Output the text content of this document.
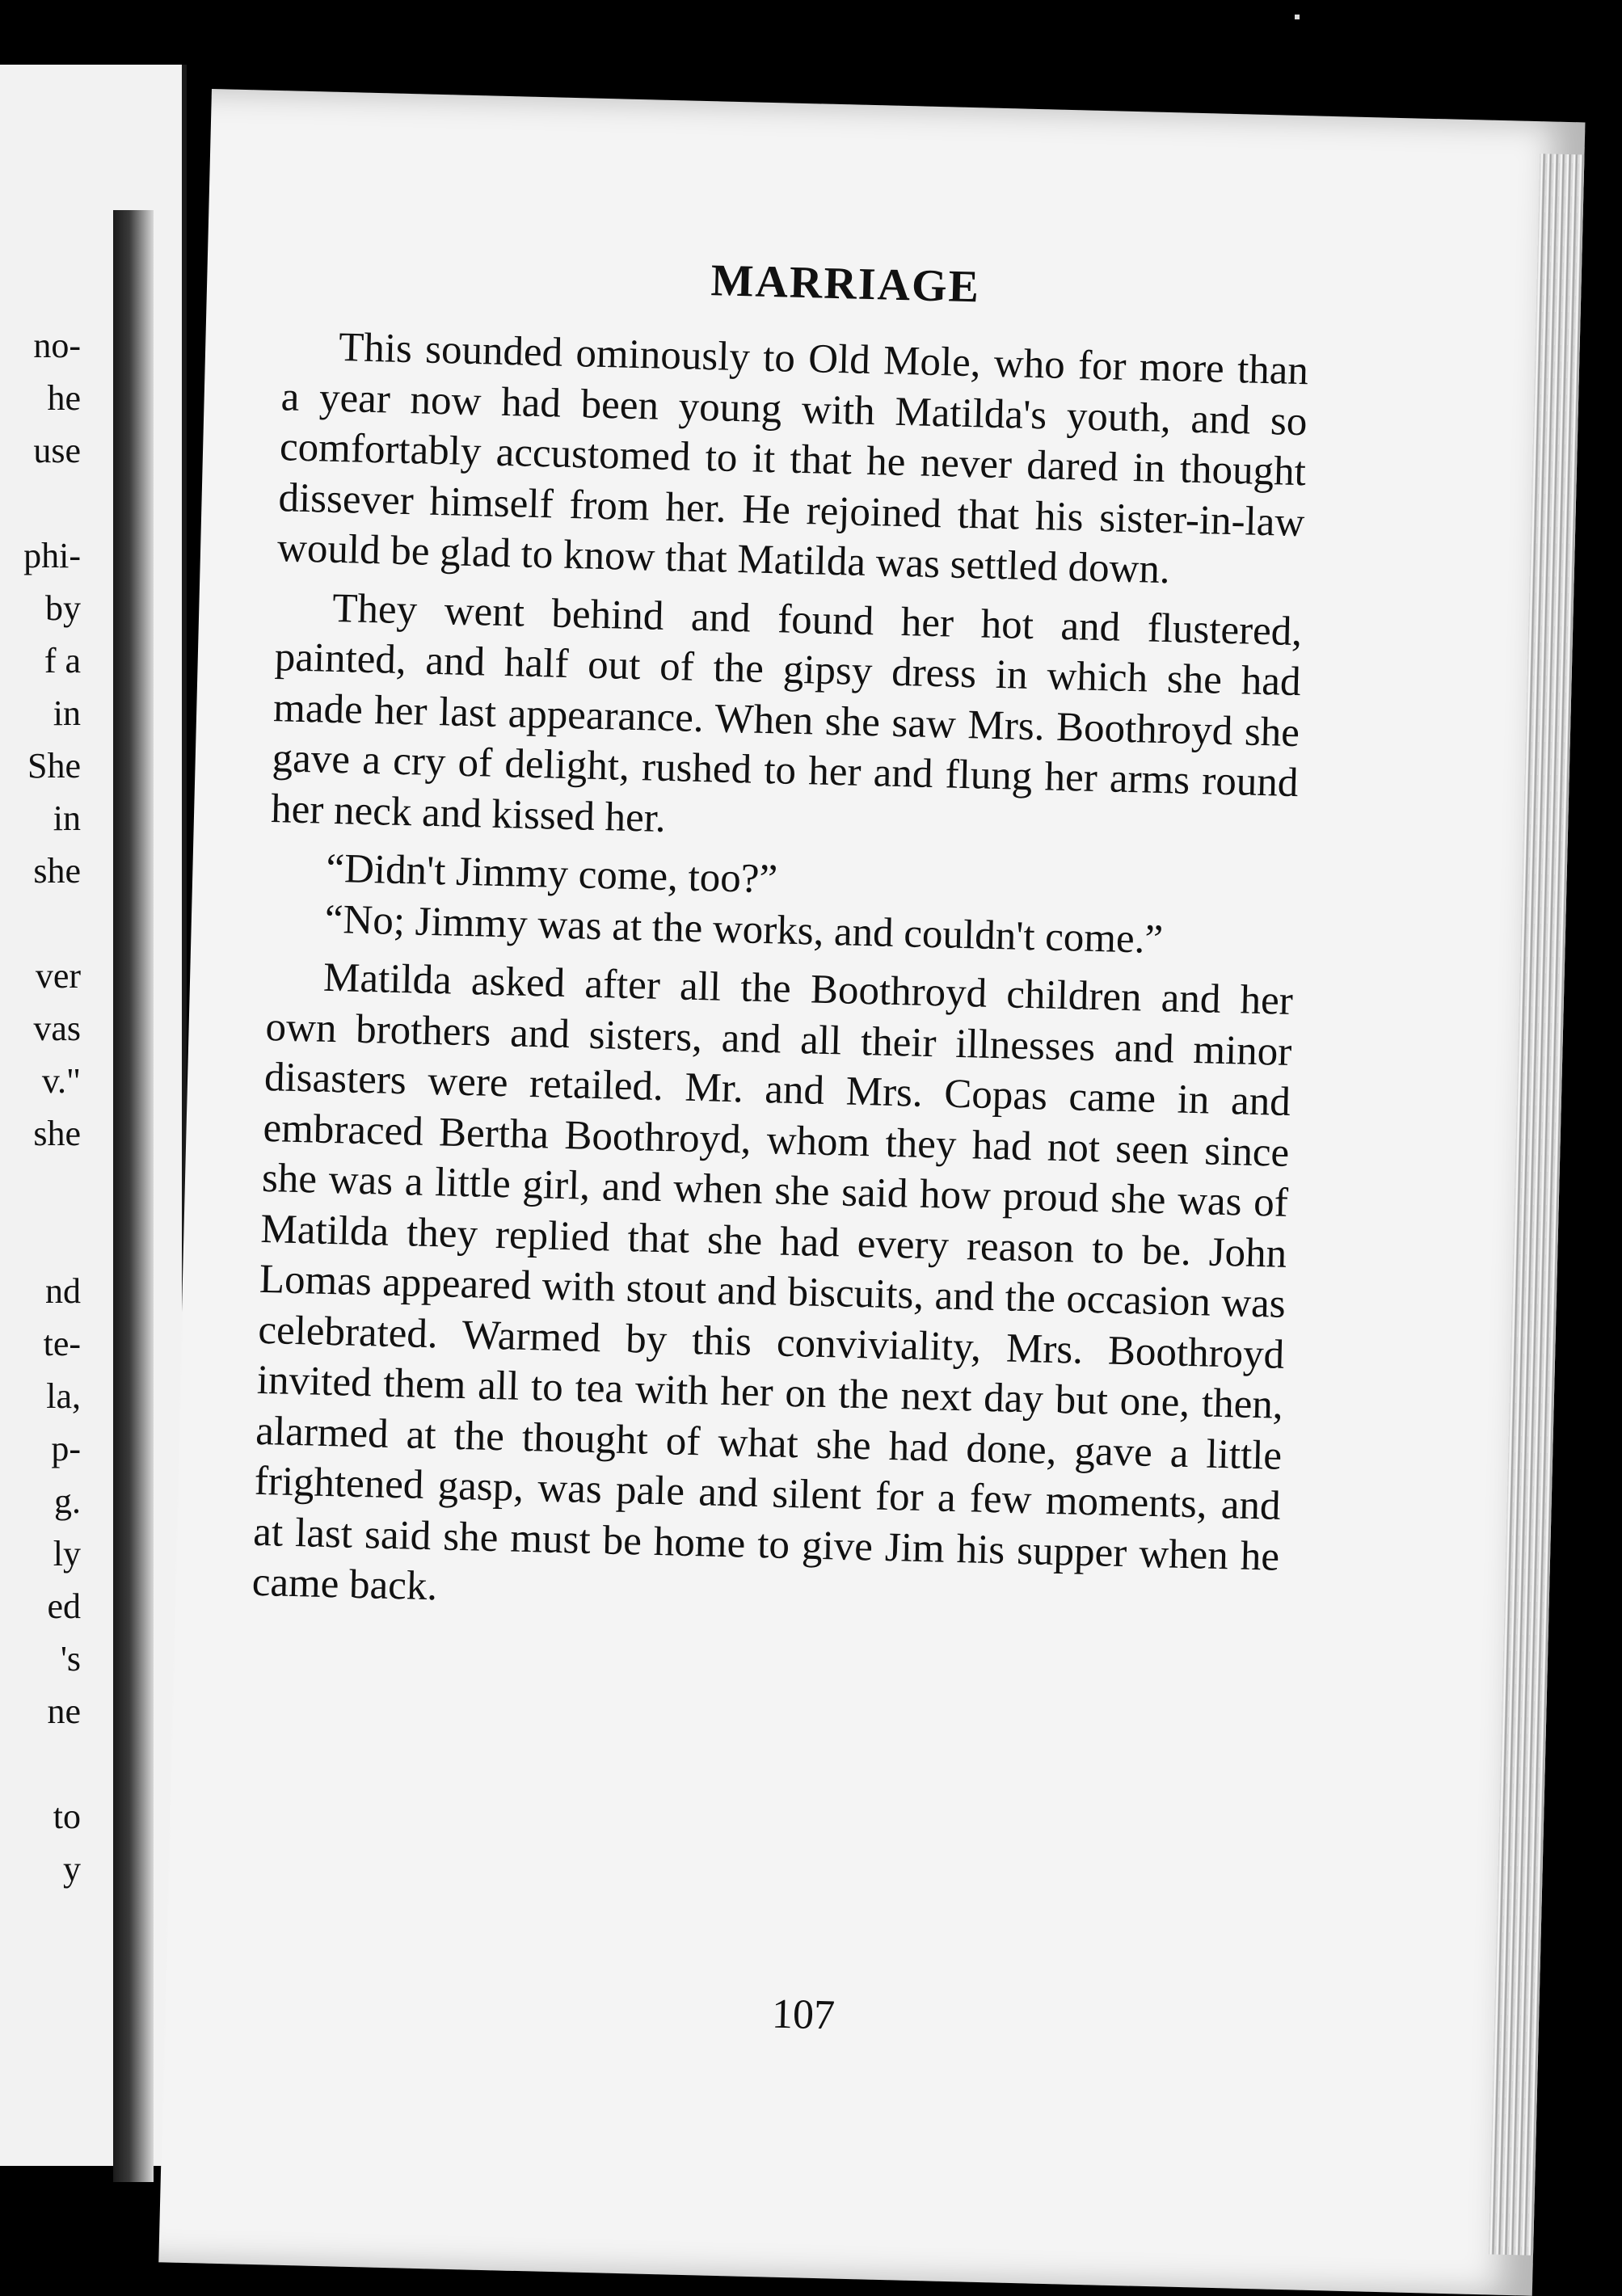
no-
he
use
phi-
by
f a
in
She
in
she
ver
vas
v."
she
nd
te-
la,
p-
g.
ly
ed
's
ne
to
y
MARRIAGE

This sounded ominously to Old Mole, who for more than a year now had been young with Matilda's youth, and so comfortably accustomed to it that he never dared in thought dissever himself from her. He rejoined that his sister-in-law would be glad to know that Matilda was settled down.

They went behind and found her hot and flustered, painted, and half out of the gipsy dress in which she had made her last appearance. When she saw Mrs. Boothroyd she gave a cry of delight, rushed to her and flung her arms round her neck and kissed her.

“Didn't Jimmy come, too?”

“No; Jimmy was at the works, and couldn't come.”

Matilda asked after all the Boothroyd children and her own brothers and sisters, and all their illnesses and minor disasters were retailed. Mr. and Mrs. Copas came in and embraced Bertha Boothroyd, whom they had not seen since she was a little girl, and when she said how proud she was of Matilda they replied that she had every reason to be. John Lomas appeared with stout and biscuits, and the occasion was celebrated. Warmed by this conviviality, Mrs. Boothroyd invited them all to tea with her on the next day but one, then, alarmed at the thought of what she had done, gave a little frightened gasp, was pale and silent for a few moments, and at last said she must be home to give Jim his supper when he came back.

107
